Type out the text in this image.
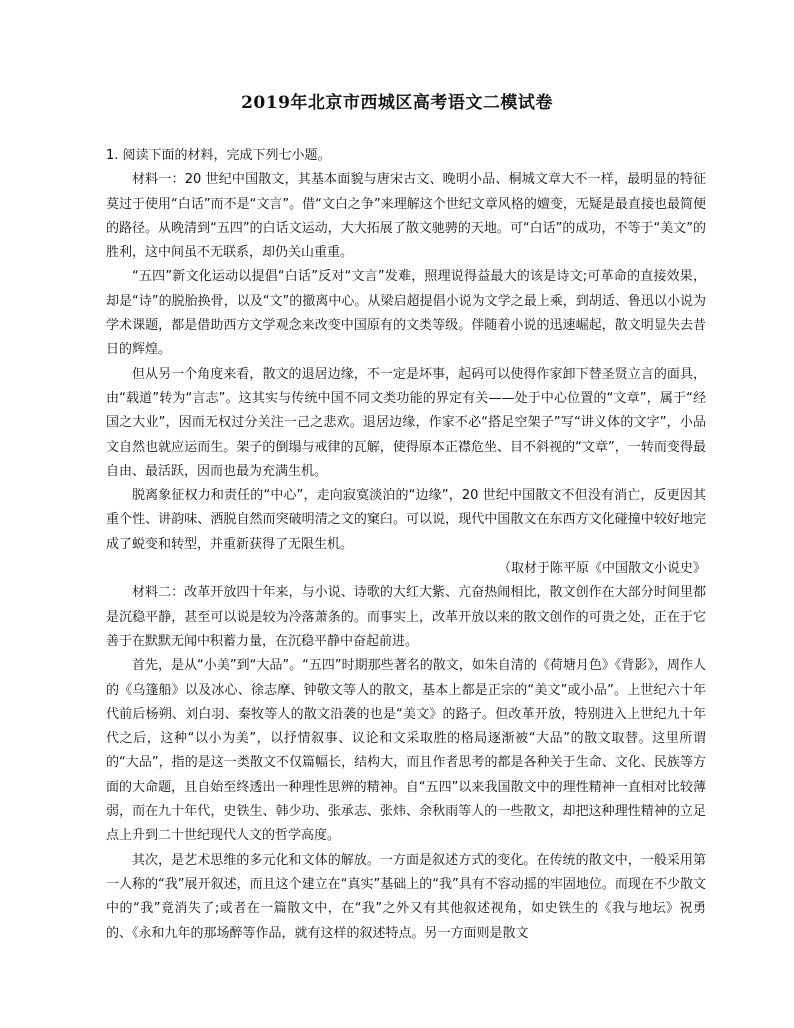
2019年北京市西城区高考语文二模试卷

1. 阅读下面的材料，完成下列七小题。

材料一：20 世纪中国散文，其基本面貌与唐宋古文、晚明小品、桐城文章大不一样，最明显的特征莫过于使用“白话”而不是“文言”。借“文白之争”来理解这个世纪文章风格的嬗变，无疑是最直接也最简便的路径。从晚清到“五四”的白话文运动，大大拓展了散文驰骋的天地。可“白话”的成功，不等于“美文”的胜利，这中间虽不无联系，却仍关山重重。

“五四”新文化运动以提倡“白话”反对“文言”发难，照理说得益最大的该是诗文;可革命的直接效果，却是“诗”的脱胎换骨，以及“文”的撤离中心。从梁启超提倡小说为文学之最上乘，到胡适、鲁迅以小说为学术课题，都是借助西方文学观念来改变中国原有的文类等级。伴随着小说的迅速崛起，散文明显失去昔日的辉煌。

但从另一个角度来看，散文的退居边缘，不一定是坏事，起码可以使得作家卸下替圣贤立言的面具，由“载道”转为“言志”。这其实与传统中国不同文类功能的界定有关——处于中心位置的“文章”，属于“经国之大业”，因而无权过分关注一己之悲欢。退居边缘，作家不必“搭足空架子”写“讲义体的文字”，小品文自然也就应运而生。架子的倒塌与戒律的瓦解，使得原本正襟危坐、目不斜视的“文章”，一转而变得最自由、最活跃，因而也最为充满生机。

脱离象征权力和责任的“中心”，走向寂寞淡泊的“边缘”，20 世纪中国散文不但没有消亡，反更因其重个性、讲韵味、洒脱自然而突破明清之文的窠臼。可以说，现代中国散文在东西方文化碰撞中较好地完成了蜕变和转型，并重新获得了无限生机。

（取材于陈平原《中国散文小说史》

材料二：改革开放四十年来，与小说、诗歌的大红大紫、亢奋热闹相比，散文创作在大部分时间里都是沉稳平静，甚至可以说是较为冷落萧条的。而事实上，改革开放以来的散文创作的可贵之处，正在于它善于在默默无闻中积蓄力量，在沉稳平静中奋起前进。

首先，是从“小美”到“大品”。“五四”时期那些著名的散文，如朱自清的《荷塘月色》《背影》，周作人的《乌篷船》以及冰心、徐志摩、钟敬文等人的散文，基本上都是正宗的“美文”或小品”。上世纪六十年代前后杨朔、刘白羽、秦牧等人的散文沿袭的也是“美文》的路子。但改革开放，特别进入上世纪九十年代之后，这种“以小为美”，以抒情叙事、议论和文采取胜的格局逐渐被“大品”的散文取替。这里所谓的“大品”，指的是这一类散文不仅篇幅长，结构大，而且作者思考的都是各种关于生命、文化、民族等方面的大命题，且自始至终透出一种理性思辨的精神。自“五四”以来我国散文中的理性精神一直相对比较薄弱，而在九十年代，史铁生、韩少功、张承志、张炜、余秋雨等人的一些散文，却把这种理性精神的立足点上升到二十世纪现代人文的哲学高度。

其次，是艺术思维的多元化和文体的解放。一方面是叙述方式的变化。在传统的散文中，一般采用第一人称的“我”展开叙述，而且这个建立在“真实”基础上的“我”具有不容动摇的牢固地位。而现在不少散文中的“我”竟消失了;或者在一篇散文中，在“我”之外又有其他叙述视角，如史铁生的《我与地坛》祝勇的、《永和九年的那场醉等作品，就有这样的叙述特点。另一方面则是散文
